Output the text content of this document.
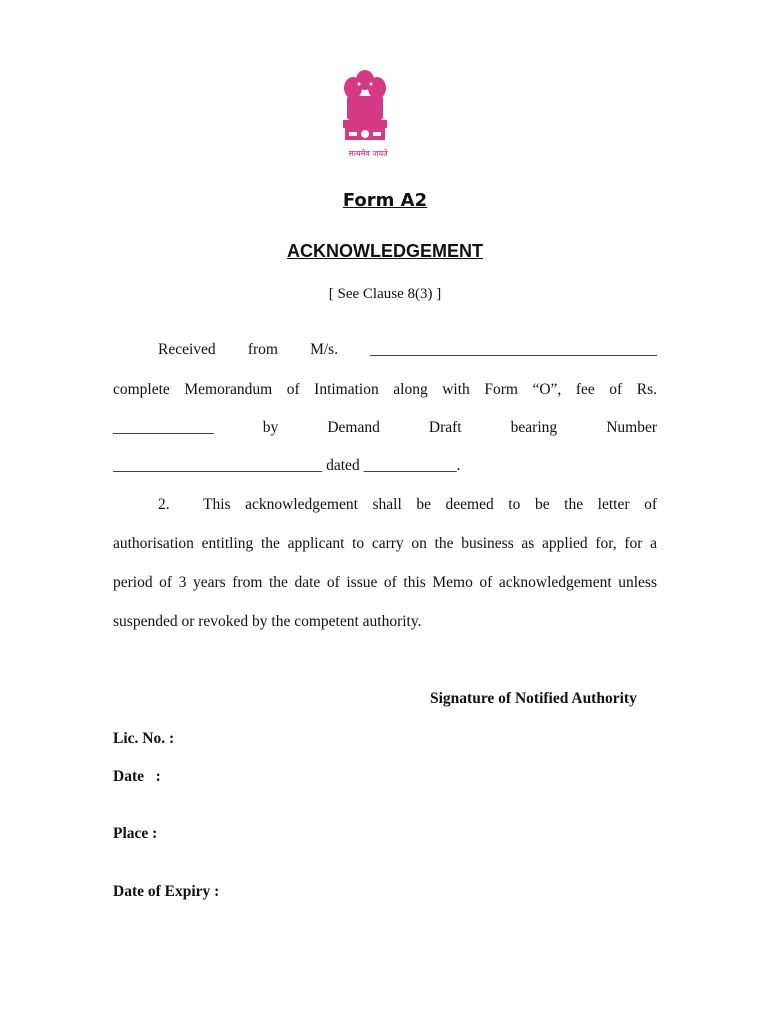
सत्यमेव जयते
Form A2
ACKNOWLEDGEMENT
[ See Clause 8(3) ]
Received from M/s. _____________________________________
complete Memorandum of Intimation along with Form “O”, fee of Rs.
_____________	by	Demand	Draft	bearing	Number
___________________________ dated ____________.
2.	This acknowledgement shall be deemed to be the letter of
authorisation entitling the applicant to carry on the business as applied for, for a
period of 3 years from the date of issue of this Memo of acknowledgement unless
suspended or revoked by the competent authority.
Signature of Notified Authority
Lic. No. :
Date   :
Place :
Date of Expiry :
